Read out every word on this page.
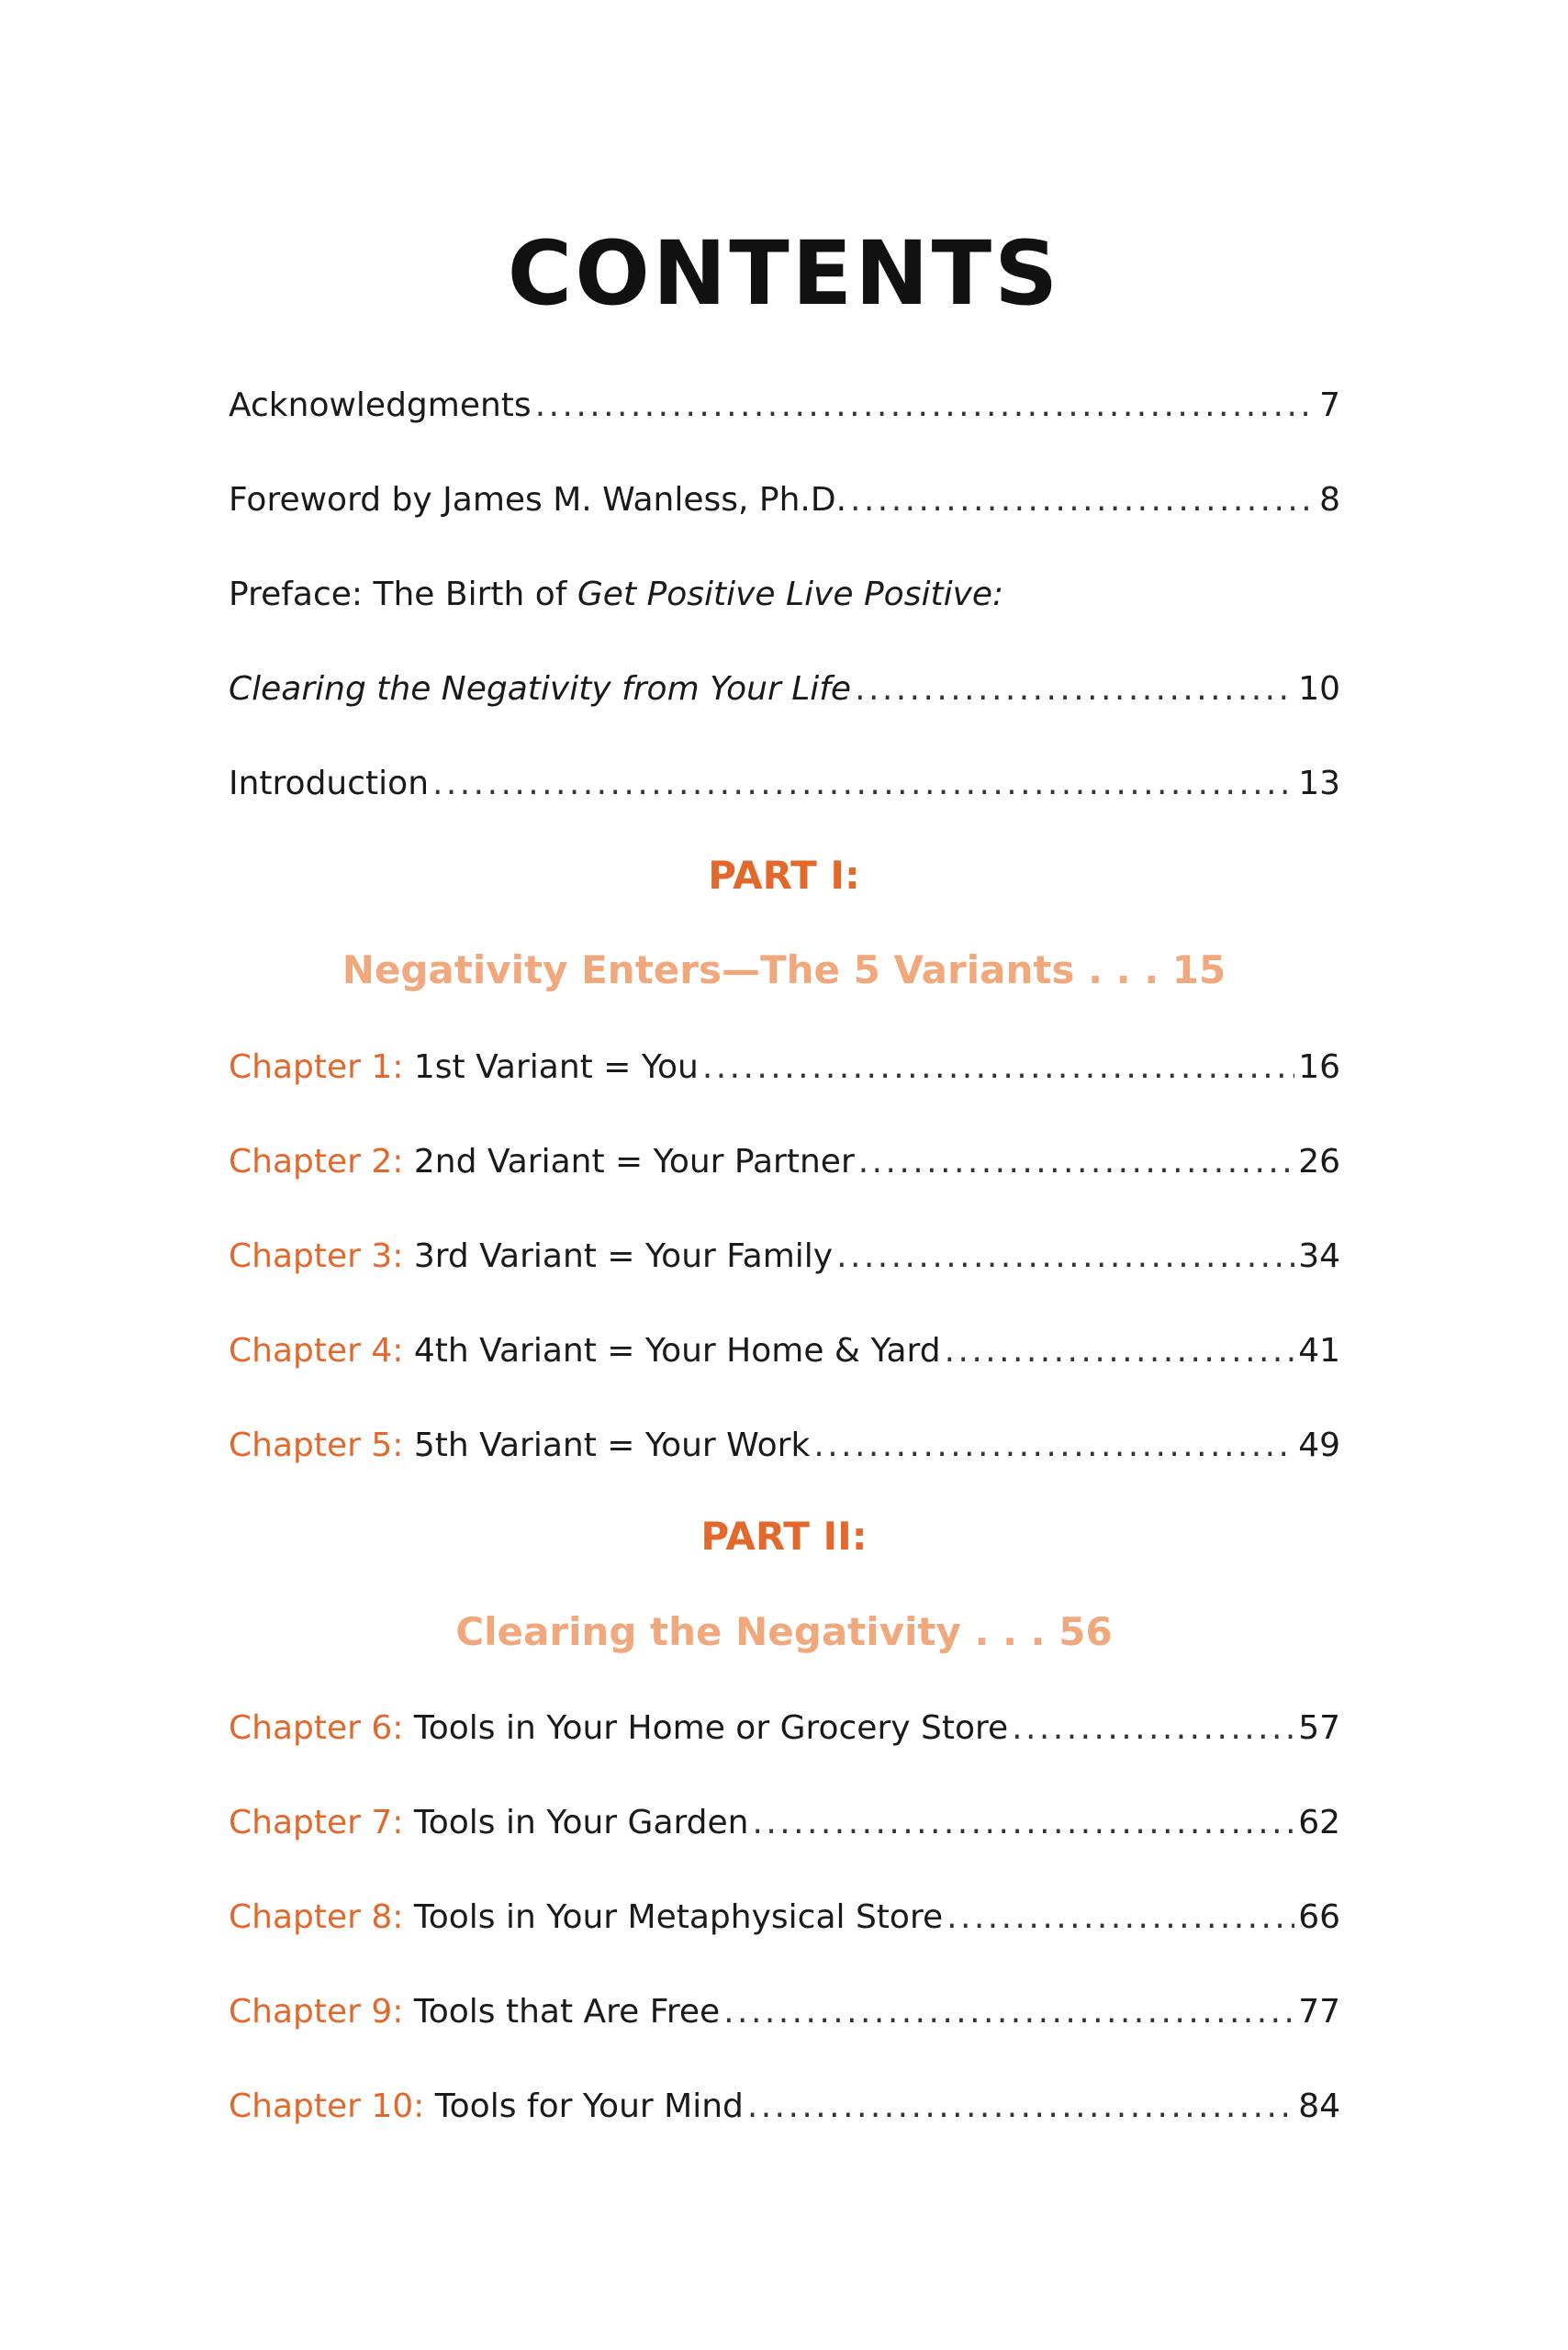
CONTENTS
Acknowledgments . . .	7
Foreword by James M. Wanless, Ph.D. . . .	8
Preface: The Birth of Get Positive Live Positive:
Clearing the Negativity from Your Life . . .	10
Introduction . . .	13
PART I:
Negativity Enters—The 5 Variants . . . 15
Chapter 1: 1st Variant = You . . .	16
Chapter 2: 2nd Variant = Your Partner . . .	26
Chapter 3: 3rd Variant = Your Family . . .	34
Chapter 4: 4th Variant = Your Home & Yard . . .	41
Chapter 5: 5th Variant = Your Work . . .	49
PART II:
Clearing the Negativity . . . 56
Chapter 6: Tools in Your Home or Grocery Store . . .	57
Chapter 7: Tools in Your Garden . . .	62
Chapter 8: Tools in Your Metaphysical Store . . .	66
Chapter 9: Tools that Are Free . . .	77
Chapter 10: Tools for Your Mind . . .	84
